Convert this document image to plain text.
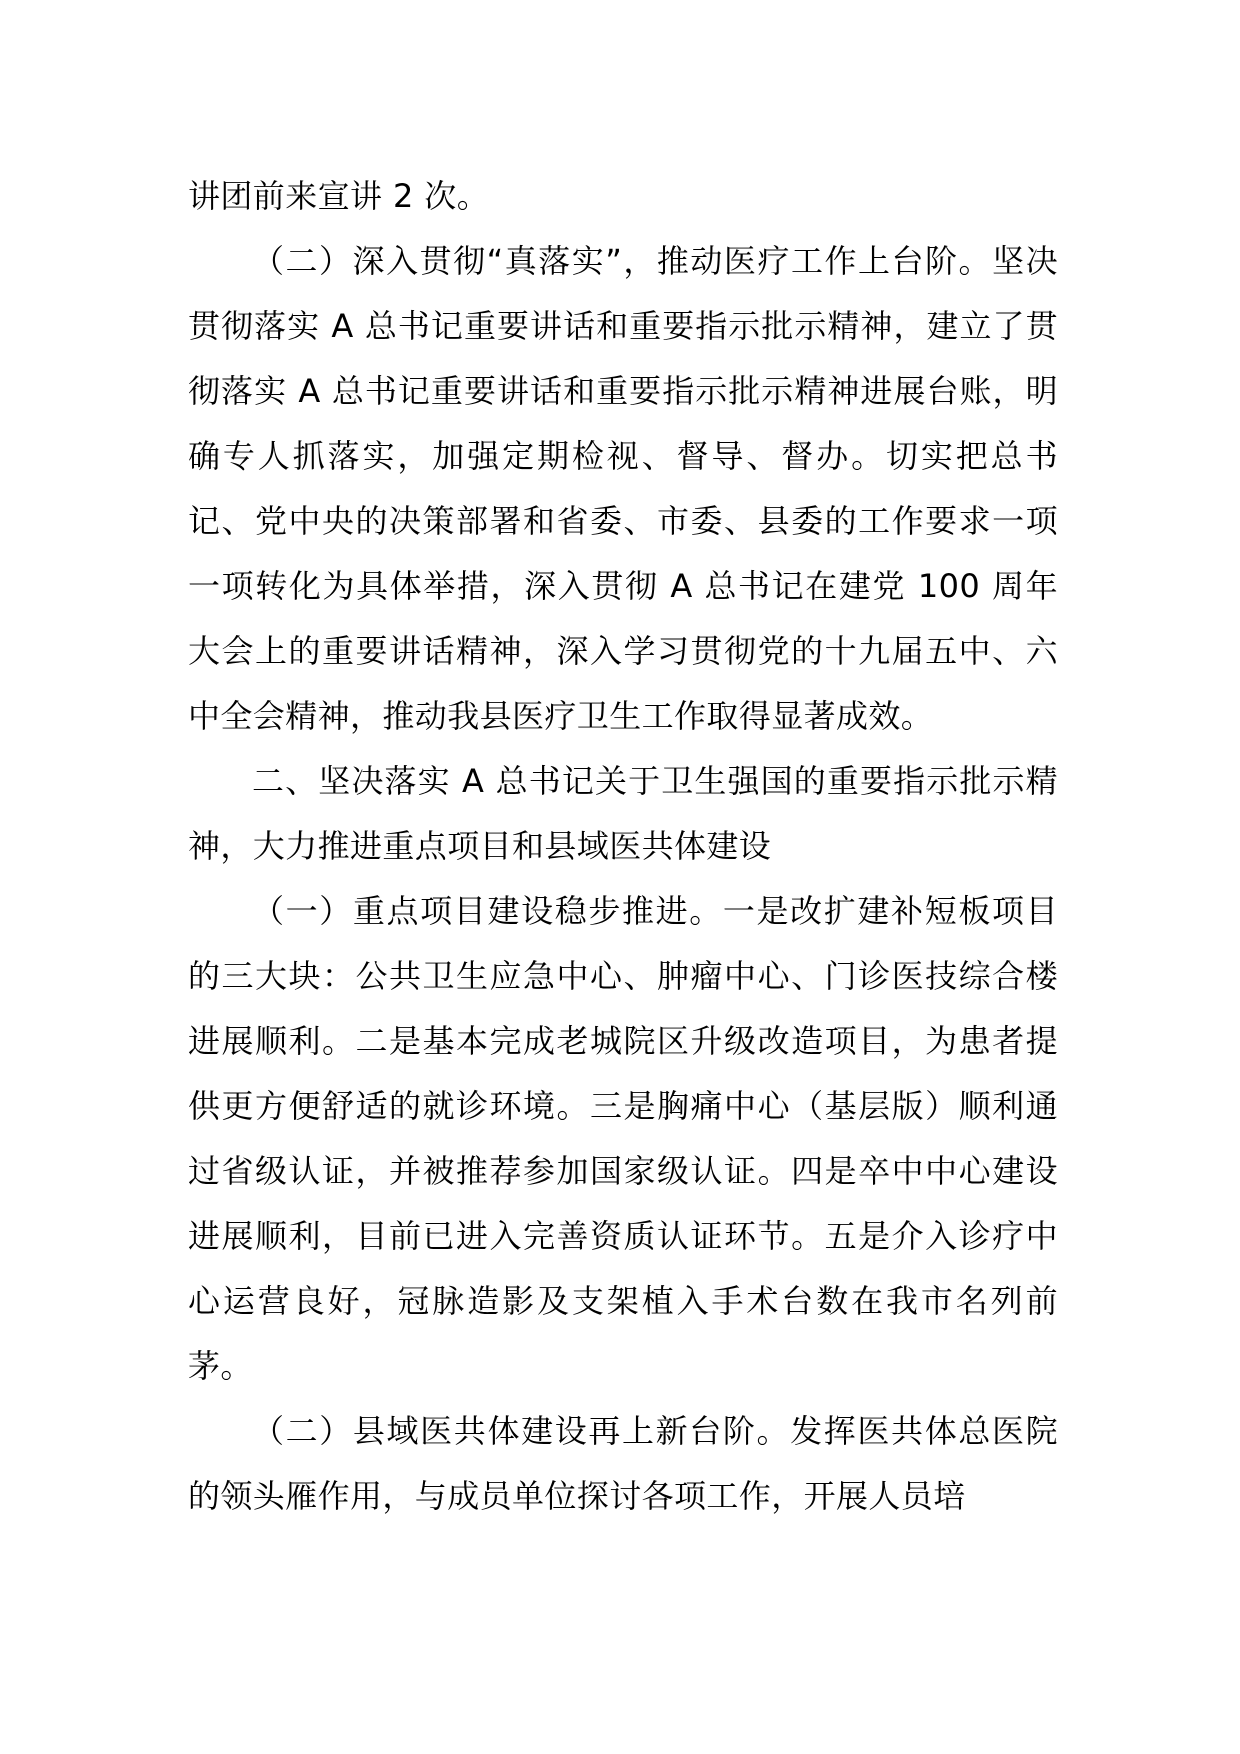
讲团前来宣讲 2 次。

（二）深入贯彻“真落实”，推动医疗工作上台阶。坚决贯彻落实 A 总书记重要讲话和重要指示批示精神，建立了贯彻落实 A 总书记重要讲话和重要指示批示精神进展台账，明确专人抓落实，加强定期检视、督导、督办。切实把总书记、党中央的决策部署和省委、市委、县委的工作要求一项一项转化为具体举措，深入贯彻 A 总书记在建党 100 周年大会上的重要讲话精神，深入学习贯彻党的十九届五中、六中全会精神，推动我县医疗卫生工作取得显著成效。

二、坚决落实 A 总书记关于卫生强国的重要指示批示精神，大力推进重点项目和县域医共体建设

（一）重点项目建设稳步推进。一是改扩建补短板项目的三大块：公共卫生应急中心、肿瘤中心、门诊医技综合楼进展顺利。二是基本完成老城院区升级改造项目，为患者提供更方便舒适的就诊环境。三是胸痛中心（基层版）顺利通过省级认证，并被推荐参加国家级认证。四是卒中中心建设进展顺利，目前已进入完善资质认证环节。五是介入诊疗中心运营良好，冠脉造影及支架植入手术台数在我市名列前茅。

（二）县域医共体建设再上新台阶。发挥医共体总医院的领头雁作用，与成员单位探讨各项工作，开展人员培
